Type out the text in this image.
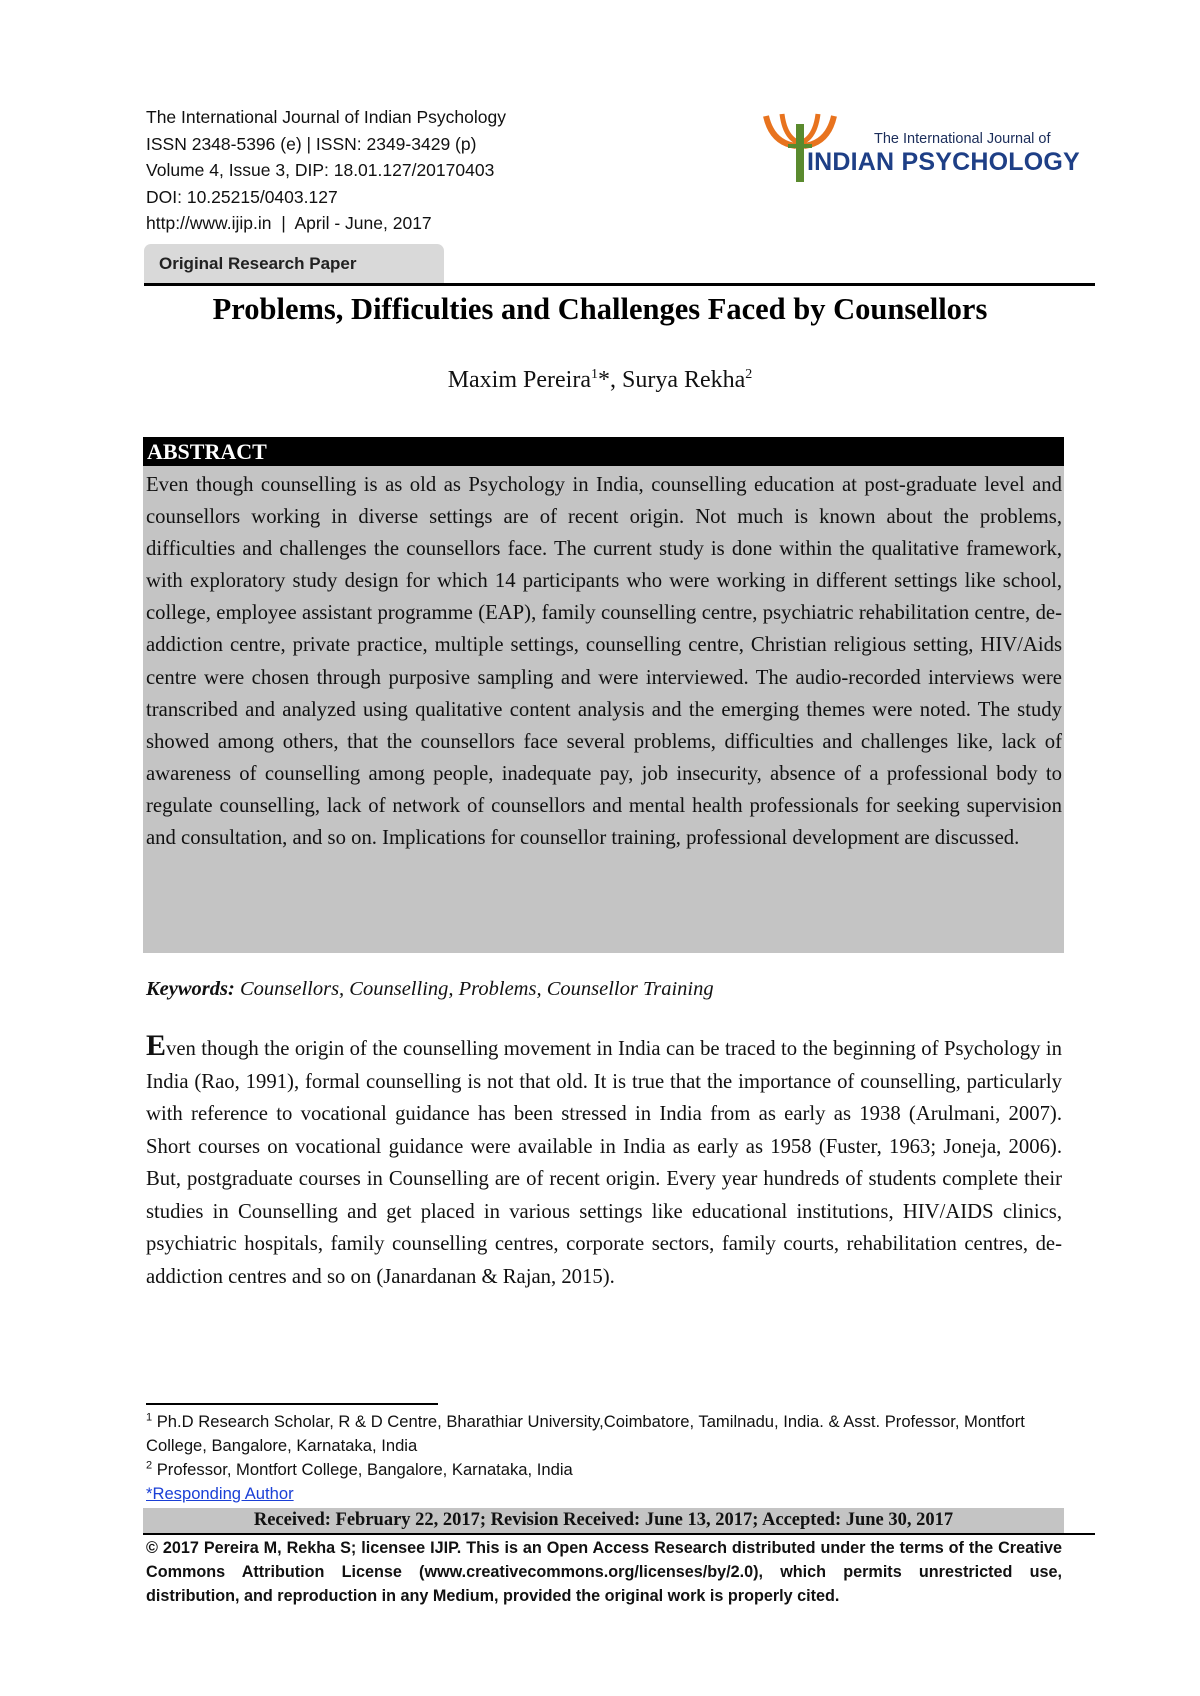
The International Journal of Indian Psychology
ISSN 2348-5396 (e) | ISSN: 2349-3429 (p)
Volume 4, Issue 3, DIP: 18.01.127/20170403
DOI: 10.25215/0403.127
http://www.ijip.in  |  April - June, 2017
The International Journal of
INDIAN PSYCHOLOGY
Original Research Paper
Problems, Difficulties and Challenges Faced by Counsellors
Maxim Pereira$^1$*, Surya Rekha$^2$
ABSTRACT
Even though counselling is as old as Psychology in India, counselling education at post-graduate level and counsellors working in diverse settings are of recent origin. Not much is known about the problems, difficulties and challenges the counsellors face. The current study is done within the qualitative framework, with exploratory study design for which 14 participants who were working in different settings like school, college, employee assistant programme (EAP), family counselling centre, psychiatric rehabilitation centre, de-addiction centre, private practice, multiple settings, counselling centre, Christian religious setting, HIV/Aids centre were chosen through purposive sampling and were interviewed. The audio-recorded interviews were transcribed and analyzed using qualitative content analysis and the emerging themes were noted. The study showed among others, that the counsellors face several problems, difficulties and challenges like, lack of awareness of counselling among people, inadequate pay, job insecurity, absence of a professional body to regulate counselling, lack of network of counsellors and mental health professionals for seeking supervision and consultation, and so on. Implications for counsellor training, professional development are discussed.
Keywords: Counsellors, Counselling, Problems, Counsellor Training
Even though the origin of the counselling movement in India can be traced to the beginning of Psychology in India (Rao, 1991), formal counselling is not that old. It is true that the importance of counselling, particularly with reference to vocational guidance has been stressed in India from as early as 1938 (Arulmani, 2007). Short courses on vocational guidance were available in India as early as 1958 (Fuster, 1963; Joneja, 2006). But, postgraduate courses in Counselling are of recent origin. Every year hundreds of students complete their studies in Counselling and get placed in various settings like educational institutions, HIV/AIDS clinics, psychiatric hospitals, family counselling centres, corporate sectors, family courts, rehabilitation centres, de-addiction centres and so on (Janardanan & Rajan, 2015).
$^1$ Ph.D Research Scholar, R & D Centre, Bharathiar University,Coimbatore, Tamilnadu, India. & Asst. Professor, Montfort College, Bangalore, Karnataka, India
$^2$ Professor, Montfort College, Bangalore, Karnataka, India
*Responding Author
Received: February 22, 2017; Revision Received: June 13, 2017; Accepted: June 30, 2017
© 2017 Pereira M, Rekha S; licensee IJIP. This is an Open Access Research distributed under the terms of the Creative Commons Attribution License (www.creativecommons.org/licenses/by/2.0), which permits unrestricted use, distribution, and reproduction in any Medium, provided the original work is properly cited.
